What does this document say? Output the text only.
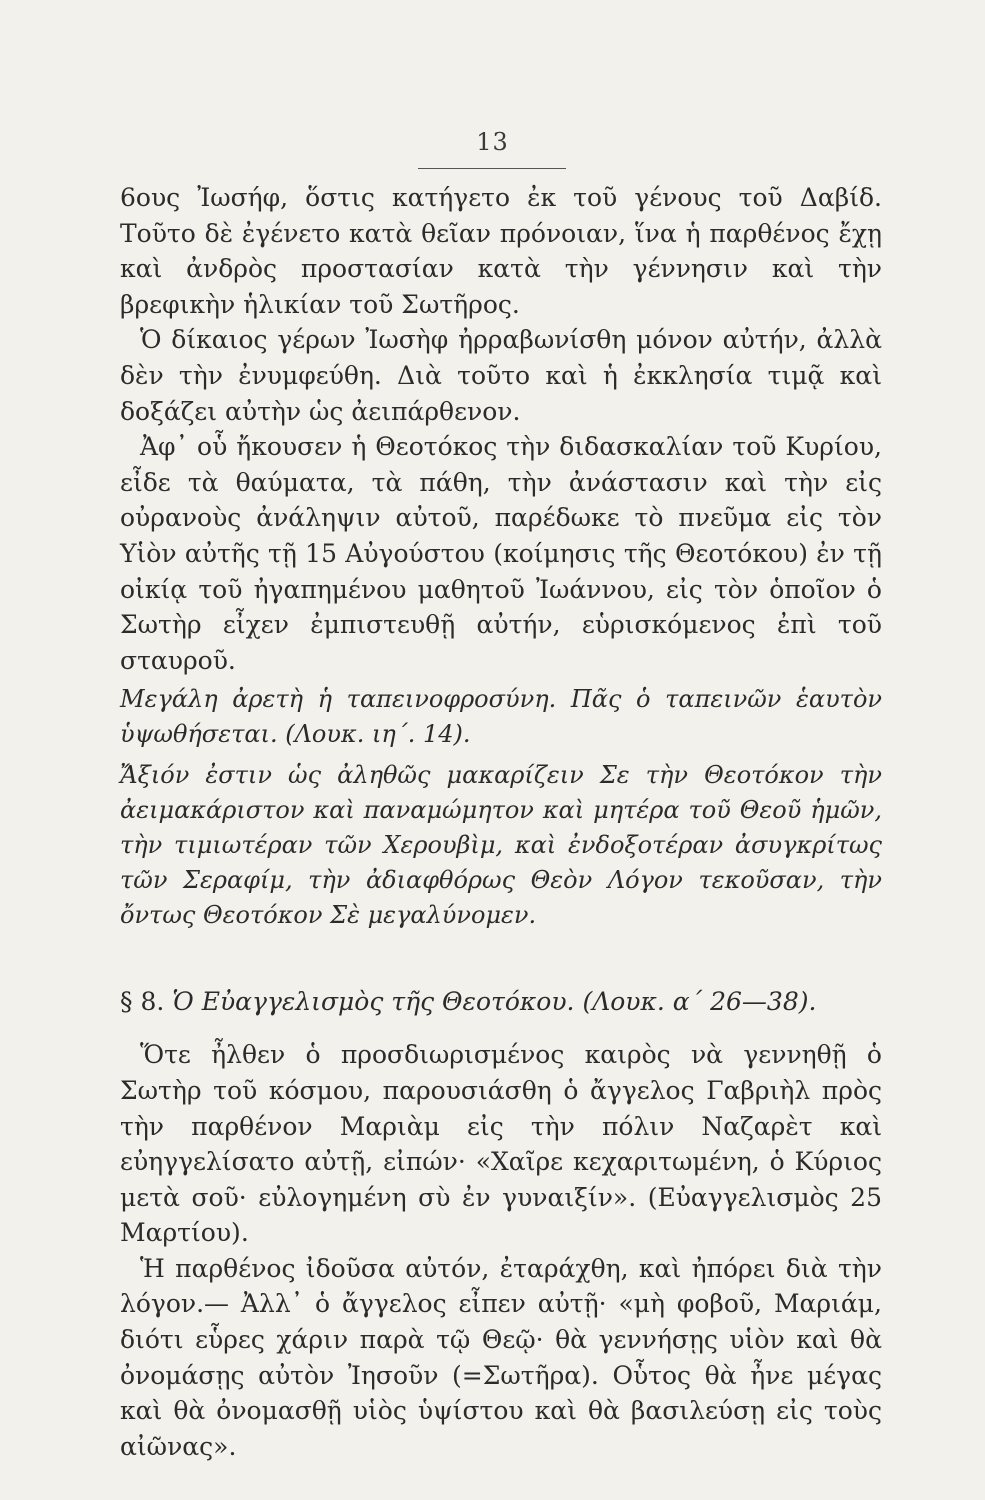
13

6ους Ἰωσήφ, ὅστις κατήγετο ἐκ τοῦ γένους τοῦ Δαβίδ. Τοῦτο δὲ ἐγένετο κατὰ θεῖαν πρόνοιαν, ἵνα ἡ παρθένος ἔχῃ καὶ ἀνδρὸς προστασίαν κατὰ τὴν γέννησιν καὶ τὴν βρεφικὴν ἡλικίαν τοῦ Σωτῆρος.

Ὁ δίκαιος γέρων Ἰωσὴφ ἠρραβωνίσθη μόνον αὐτήν, ἀλλὰ δὲν τὴν ἐνυμφεύθη. Διὰ τοῦτο καὶ ἡ ἐκκλησία τιμᾷ καὶ δοξάζει αὐτὴν ὡς ἀειπάρθενον.

Ἀφ᾽ οὗ ἤκουσεν ἡ Θεοτόκος τὴν διδασκαλίαν τοῦ Κυρίου, εἶδε τὰ θαύματα, τὰ πάθη, τὴν ἀνάστασιν καὶ τὴν εἰς οὐρανοὺς ἀνάληψιν αὐτοῦ, παρέδωκε τὸ πνεῦμα εἰς τὸν Υἱὸν αὐτῆς τῇ 15 Αὐγούστου (κοίμησις τῆς Θεοτόκου) ἐν τῇ οἰκίᾳ τοῦ ἠγαπημένου μαθητοῦ Ἰωάννου, εἰς τὸν ὁποῖον ὁ Σωτὴρ εἶχεν ἐμπιστευθῇ αὐτήν, εὑρισκόμενος ἐπὶ τοῦ σταυροῦ.

Μεγάλη ἀρετὴ ἡ ταπεινοφροσύνη. Πᾶς ὁ ταπεινῶν ἑαυτὸν ὑψωθήσεται. (Λουκ. ιη΄. 14).

Ἄξιόν ἐστιν ὡς ἀληθῶς μακαρίζειν Σε τὴν Θεοτόκον τὴν ἀειμακάριστον καὶ παναμώμητον καὶ μητέρα τοῦ Θεοῦ ἡμῶν, τὴν τιμιωτέραν τῶν Χερουβὶμ, καὶ ἐνδοξοτέραν ἀσυγκρίτως τῶν Σεραφίμ, τὴν ἀδιαφθόρως Θεὸν Λόγον τεκοῦσαν, τὴν ὄντως Θεοτόκον Σὲ μεγαλύνομεν.

§ 8. Ὁ Εὐαγγελισμὸς τῆς Θεοτόκου. (Λουκ. α΄ 26—38).

Ὅτε ἦλθεν ὁ προσδιωρισμένος καιρὸς νὰ γεννηθῇ ὁ Σωτὴρ τοῦ κόσμου, παρουσιάσθη ὁ ἄγγελος Γαβριὴλ πρὸς τὴν παρθένον Μαριὰμ εἰς τὴν πόλιν Ναζαρὲτ καὶ εὐηγγελίσατο αὐτῇ, εἰπών· «Χαῖρε κεχαριτωμένη, ὁ Κύριος μετὰ σοῦ· εὐλογημένη σὺ ἐν γυναιξίν». (Εὐαγγελισμὸς 25 Μαρτίου).

Ἡ παρθένος ἰδοῦσα αὐτόν, ἐταράχθη, καὶ ἠπόρει διὰ τὴν λόγον.— Ἀλλ᾽ ὁ ἄγγελος εἶπεν αὐτῇ· «μὴ φοβοῦ, Μαριάμ, διότι εὗρες χάριν παρὰ τῷ Θεῷ· θὰ γεννήσῃς υἱὸν καὶ θὰ ὀνομάσῃς αὐτὸν Ἰησοῦν (=Σωτῆρα). Οὗτος θὰ ἦνε μέγας καὶ θὰ ὀνομασθῇ υἱὸς ὑψίστου καὶ θὰ βασιλεύσῃ εἰς τοὺς αἰῶνας».
